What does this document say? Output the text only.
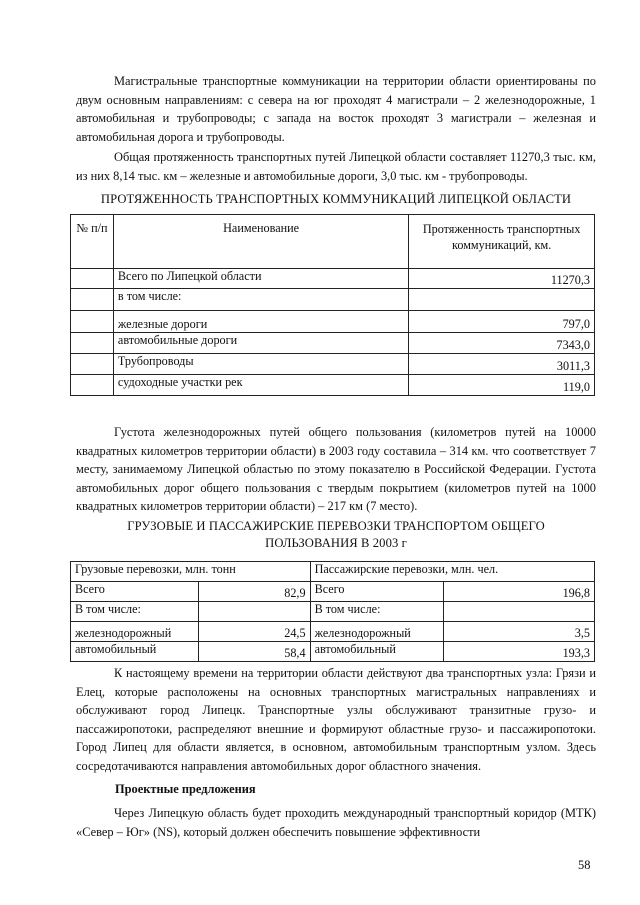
Магистральные транспортные коммуникации на территории области ориентированы по двум основным направлениям: с севера на юг проходят 4 магистрали – 2 железнодорожные, 1 автомобильная и трубопроводы; с запада на восток проходят 3 магистрали – железная и автомобильная дорога и трубопроводы.

Общая протяженность транспортных путей Липецкой области составляет 11270,3 тыс. км, из них 8,14 тыс. км – железные и автомобильные дороги, 3,0 тыс. км - трубопроводы.

ПРОТЯЖЕННОСТЬ ТРАНСПОРТНЫХ КОММУНИКАЦИЙ ЛИПЕЦКОЙ ОБЛАСТИ

№ п/п	Наименование	Протяженность транспортных коммуникаций, км.
	Всего по Липецкой области	11270,3
	в том числе:	
	железные дороги	797,0
	автомобильные дороги	7343,0
	Трубопроводы	3011,3
	судоходные участки рек	119,0

Густота железнодорожных путей общего пользования (километров путей на 10000 квадратных километров территории области) в 2003 году составила – 314 км. что соответствует 7 месту, занимаемому Липецкой областью по этому показателю в Российской Федерации. Густота автомобильных дорог общего пользования с твердым покрытием (километров путей на 1000 квадратных километров территории области) – 217 км (7 место).

ГРУЗОВЫЕ И ПАССАЖИРСКИЕ ПЕРЕВОЗКИ ТРАНСПОРТОМ ОБЩЕГО

ПОЛЬЗОВАНИЯ В 2003 г

Грузовые перевозки, млн. тонн		Пассажирские перевозки, млн. чел.	
Всего	82,9	Всего	196,8
В том числе:		В том числе:	
железнодорожный	24,5	железнодорожный	3,5
автомобильный	58,4	автомобильный	193,3

К настоящему времени на территории области действуют два транспортных узла: Грязи и Елец, которые расположены на основных транспортных магистральных направлениях и обслуживают город Липецк. Транспортные узлы обслуживают транзитные грузо- и пассажиропотоки, распределяют внешние и формируют областные грузо- и пассажиропотоки. Город Липец для области является, в основном, автомобильным транспортным узлом. Здесь сосредотачиваются направления автомобильных дорог областного значения.

Проектные предложения

Через Липецкую область будет проходить международный транспортный коридор (МТК) «Север – Юг» (NS), который должен обеспечить повышение эффективности

58
